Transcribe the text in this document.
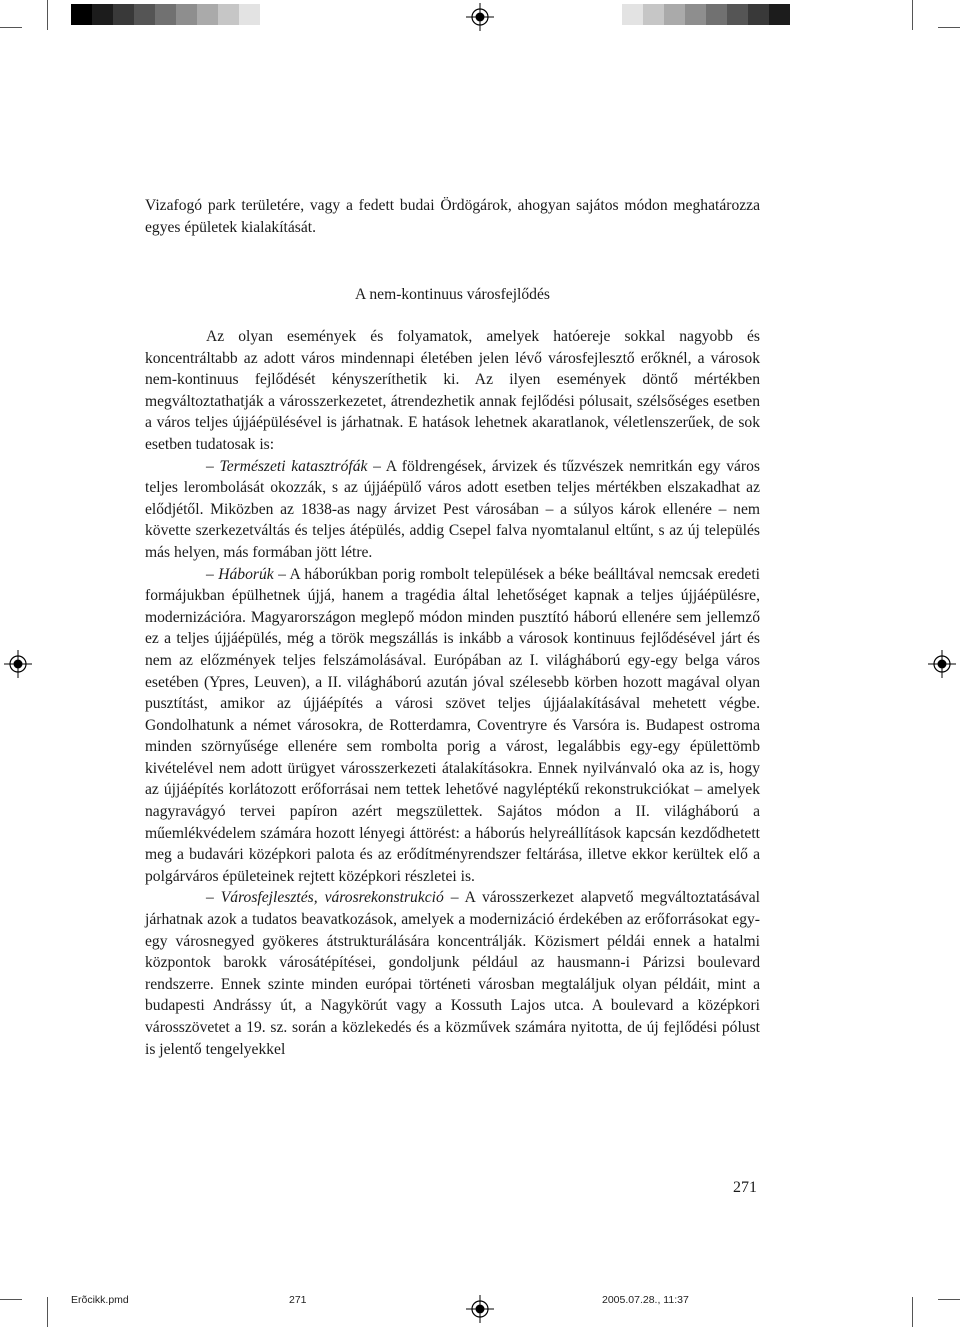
Vizafogó park területére, vagy a fedett budai Ördögárok, ahogyan sajátos módon meghatározza egyes épületek kialakítását.

A nem-kontinuus városfejlődés

Az olyan események és folyamatok, amelyek hatóereje sokkal nagyobb és koncentráltabb az adott város mindennapi életében jelen lévő városfejlesztő erőknél, a városok nem-kontinuus fejlődését kényszeríthetik ki. Az ilyen események döntő mértékben megváltoztathatják a városszerkezetet, átrendezhetik annak fejlődési pólusait, szélsőséges esetben a város teljes újjáépülésével is járhatnak. E hatások lehetnek akaratlanok, véletlenszerűek, de sok esetben tudatosak is:

– Természeti katasztrófák – A földrengések, árvizek és tűzvészek nemritkán egy város teljes lerombolását okozzák, s az újjáépülő város adott esetben teljes mértékben elszakadhat az elődjétől. Miközben az 1838-as nagy árvizet Pest városában – a súlyos károk ellenére – nem követte szerkezetváltás és teljes átépülés, addig Csepel falva nyomtalanul eltűnt, s az új település más helyen, más formában jött létre.

– Háborúk – A háborúkban porig rombolt települések a béke beálltával nemcsak eredeti formájukban épülhetnek újjá, hanem a tragédia által lehetőséget kapnak a teljes újjáépülésre, modernizációra. Magyarországon meglepő módon minden pusztító háború ellenére sem jellemző ez a teljes újjáépülés, még a török megszállás is inkább a városok kontinuus fejlődésével járt és nem az előzmények teljes felszámolásával. Európában az I. világháború egy-egy belga város esetében (Ypres, Leuven), a II. világháború azután jóval szélesebb körben hozott magával olyan pusztítást, amikor az újjáépítés a városi szövet teljes újjáalakításával mehetett végbe. Gondolhatunk a német városokra, de Rotterdamra, Coventryre és Varsóra is. Budapest ostroma minden szörnyűsége ellenére sem rombolta porig a várost, legalábbis egy-egy épülettömb kivételével nem adott ürügyet városszerkezeti átalakításokra. Ennek nyilvánvaló oka az is, hogy az újjáépítés korlátozott erőforrásai nem tettek lehetővé nagyléptékű rekonstrukciókat – amelyek nagyravágyó tervei papíron azért megszülettek. Sajátos módon a II. világháború a műemlékvédelem számára hozott lényegi áttörést: a háborús helyreállítások kapcsán kezdődhetett meg a budavári középkori palota és az erődítményrendszer feltárása, illetve ekkor kerültek elő a polgárváros épületeinek rejtett középkori részletei is.

– Városfejlesztés, városrekonstrukció – A városszerkezet alapvető megváltoztatásával járhatnak azok a tudatos beavatkozások, amelyek a modernizáció érdekében az erőforrásokat egy-egy városnegyed gyökeres átstrukturálására koncentrálják. Közismert példái ennek a hatalmi központok barokk városátépítései, gondoljunk például az hausmann-i Párizsi boulevard rendszerre. Ennek szinte minden európai történeti városban megtaláljuk olyan példáit, mint a budapesti Andrássy út, a Nagykörút vagy a Kossuth Lajos utca. A boulevard a középkori városszövetet a 19. sz. során a közlekedés és a közművek számára nyitotta, de új fejlődési pólust is jelentő tengelyekkel

271
Erõcikk.pmd	271	2005.07.28., 11:37
